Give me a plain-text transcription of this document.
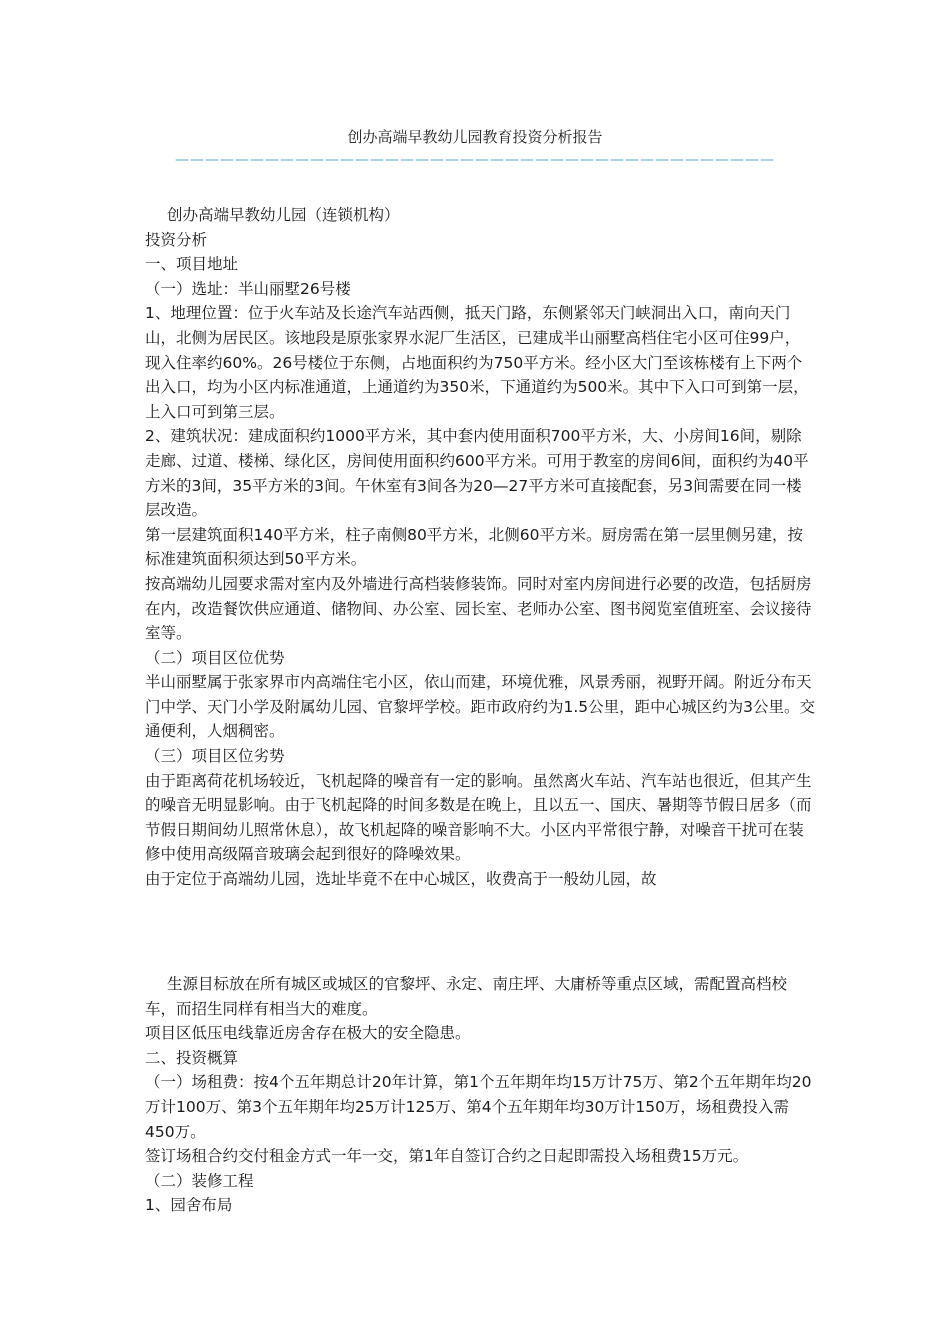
创办高端早教幼儿园教育投资分析报告
————————————————————————————————————————

创办高端早教幼儿园（连锁机构）

投资分析

一、项目地址

（一）选址：半山丽墅26号楼

1、地理位置：位于火车站及长途汽车站西侧，抵天门路，东侧紧邻天门峡洞出入口，南向天门山，北侧为居民区。该地段是原张家界水泥厂生活区，已建成半山丽墅高档住宅小区可住99户，现入住率约60%。26号楼位于东侧，占地面积约为750平方米。经小区大门至该栋楼有上下两个出入口，均为小区内标准通道，上通道约为350米，下通道约为500米。其中下入口可到第一层，上入口可到第三层。

2、建筑状况：建成面积约1000平方米，其中套内使用面积700平方米，大、小房间16间，剔除走廊、过道、楼梯、绿化区，房间使用面积约600平方米。可用于教室的房间6间，面积约为40平方米的3间，35平方米的3间。午休室有3间各为20—27平方米可直接配套，另3间需要在同一楼层改造。

第一层建筑面积140平方米，柱子南侧80平方米，北侧60平方米。厨房需在第一层里侧另建，按标准建筑面积须达到50平方米。

按高端幼儿园要求需对室内及外墙进行高档装修装饰。同时对室内房间进行必要的改造，包括厨房在内，改造餐饮供应通道、储物间、办公室、园长室、老师办公室、图书阅览室值班室、会议接待室等。

（二）项目区位优势

半山丽墅属于张家界市内高端住宅小区，依山而建，环境优雅，风景秀丽，视野开阔。附近分布天门中学、天门小学及附属幼儿园、官黎坪学校。距市政府约为1.5公里，距中心城区约为3公里。交通便利，人烟稠密。

（三）项目区位劣势

由于距离荷花机场较近，飞机起降的噪音有一定的影响。虽然离火车站、汽车站也很近，但其产生的噪音无明显影响。由于飞机起降的时间多数是在晚上，且以五一、国庆、暑期等节假日居多（而节假日期间幼儿照常休息），故飞机起降的噪音影响不大。小区内平常很宁静，对噪音干扰可在装修中使用高级隔音玻璃会起到很好的降噪效果。

由于定位于高端幼儿园，选址毕竟不在中心城区，收费高于一般幼儿园，故

生源目标放在所有城区或城区的官黎坪、永定、南庄坪、大庸桥等重点区域，需配置高档校车，而招生同样有相当大的难度。

项目区低压电线靠近房舍存在极大的安全隐患。

二、投资概算

（一）场租费：按4个五年期总计20年计算，第1个五年期年均15万计75万、第2个五年期年均20万计100万、第3个五年期年均25万计125万、第4个五年期年均30万计150万，场租费投入需450万。

签订场租合约交付租金方式一年一交，第1年自签订合约之日起即需投入场租费15万元。

（二）装修工程

1、园舍布局
